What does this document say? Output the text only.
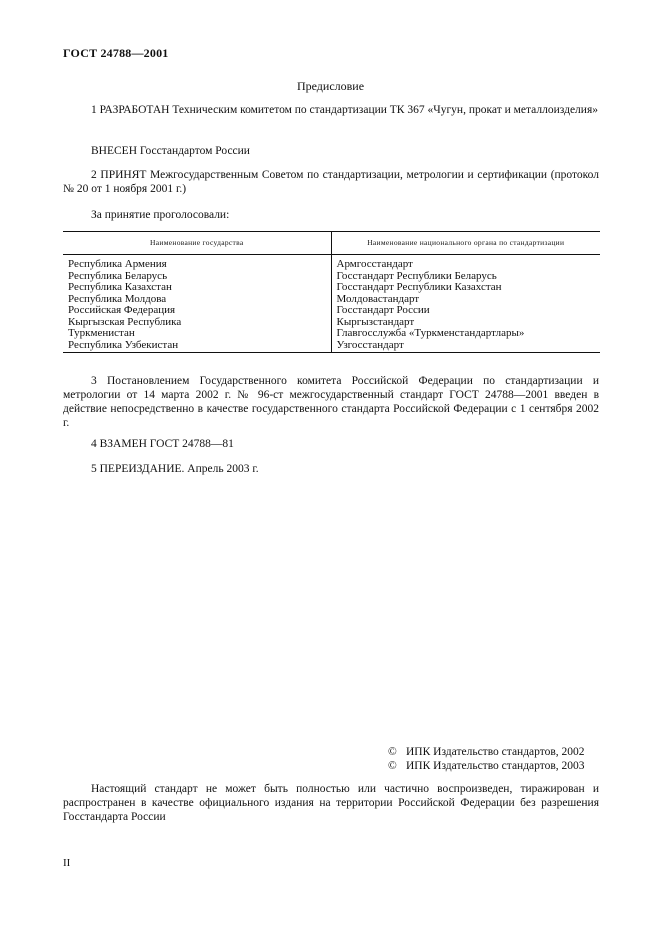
ГОСТ 24788—2001
Предисловие
1 РАЗРАБОТАН Техническим комитетом по стандартизации ТК 367 «Чугун, прокат и металлоизделия»
ВНЕСЕН Госстандартом России
2 ПРИНЯТ Межгосударственным Советом по стандартизации, метрологии и сертификации (протокол № 20 от 1 ноября 2001 г.)
За принятие проголосовали:
Наименование государства	Наименование национального органа по стандартизации
Республика Армения	Армгосстандарт
Республика Беларусь	Госстандарт Республики Беларусь
Республика Казахстан	Госстандарт Республики Казахстан
Республика Молдова	Молдовастандарт
Российская Федерация	Госстандарт России
Кыргызская Республика	Кыргызстандарт
Туркменистан	Главгосслужба «Туркменстандартлары»
Республика Узбекистан	Узгосстандарт
3 Постановлением Государственного комитета Российской Федерации по стандартизации и метрологии от 14 марта 2002 г. № 96-ст межгосударственный стандарт ГОСТ 24788—2001 введен в действие непосредственно в качестве государственного стандарта Российской Федерации с 1 сентября 2002 г.
4 ВЗАМЕН ГОСТ 24788—81
5 ПЕРЕИЗДАНИЕ. Апрель 2003 г.
© ИПК Издательство стандартов, 2002
© ИПК Издательство стандартов, 2003
Настоящий стандарт не может быть полностью или частично воспроизведен, тиражирован и распространен в качестве официального издания на территории Российской Федерации без разрешения Госстандарта России
II
